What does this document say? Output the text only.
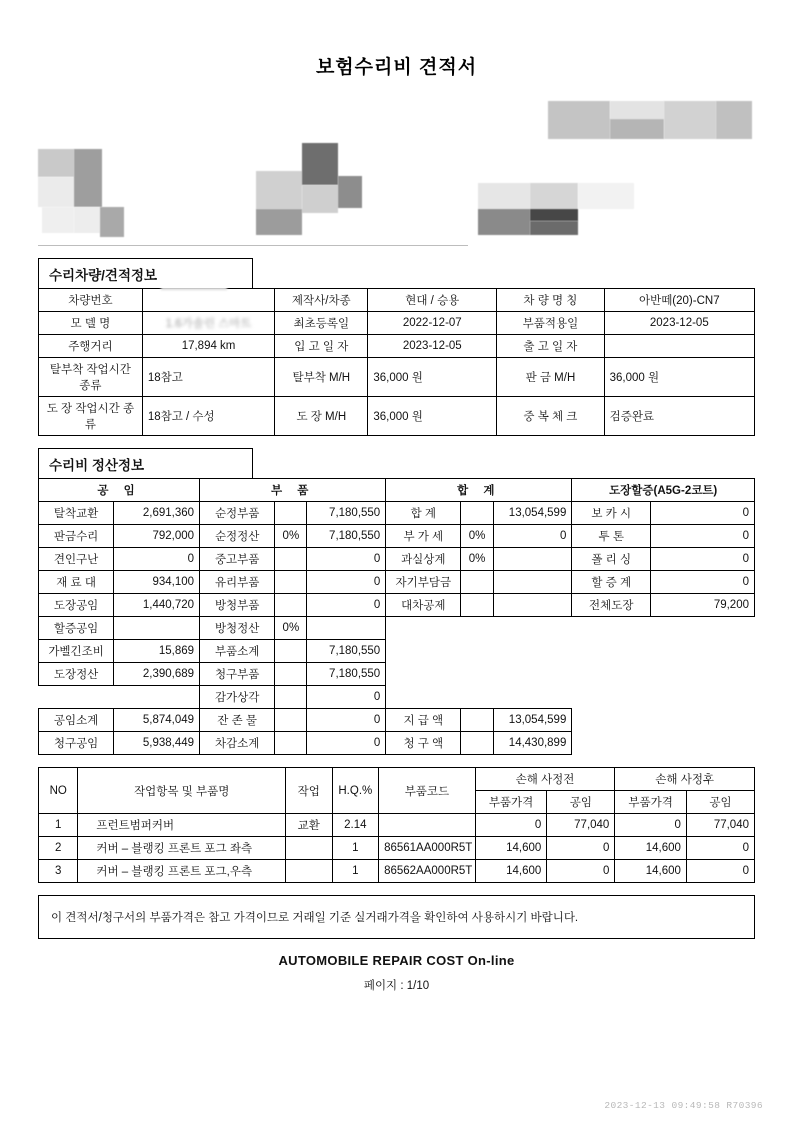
보험수리비 견적서
수리차량/견적정보
차량번호		제작사/차종	현대 / 승용	차 량 명 칭	아반떼(20)-CN7
모 델 명	1.6가솔린 스마트	최초등록일	2022-12-07	부품적용일	2023-12-05
주행거리	17,894 km	입 고 일 자	2023-12-05	출 고 일 자	
탈부착 작업시간 종류	18참고	탈부착 M/H	36,000 원	판 금 M/H	36,000 원
도 장 작업시간 종류	18참고 / 수성	도 장 M/H	36,000 원	중 복 체 크	검증완료
수리비 정산정보
공 임		부 품			합 계			도장할증(A5G-2코트)	
탈착교환	2,691,360	순정부품		7,180,550	합 계		13,054,599	보 카 시	0
판금수리	792,000	순정정산	0%	7,180,550	부 가 세	0%	0	투 톤	0
견인구난	0	중고부품		0	과실상계	0%		폴 리 싱	0
재 료 대	934,100	유리부품		0	자기부담금			할 증 계	0
도장공임	1,440,720	방청부품		0	대차공제			전체도장	79,200
할증공임		방청정산	0%						
가벨긴조비	15,869	부품소계		7,180,550					
도장정산	2,390,689	청구부품		7,180,550					
		감가상각		0					
공임소계	5,874,049	잔 존 물		0	지 급 액		13,054,599		
청구공임	5,938,449	차감소계		0	청 구 액		14,430,899		
NO	작업항목 및 부품명	작업	H.Q.%	부품코드	손해 사정전		손해 사정후	
					부품가격	공임	부품가격	공임
1	프런트범퍼커버	교환	2.14		0	77,040	0	77,040
2	커버 – 블랭킹 프론트 포그 좌측		1	86561AA000R5T	14,600	0	14,600	0
3	커버 – 블랭킹 프론트 포그,우측		1	86562AA000R5T	14,600	0	14,600	0
이 견적서/청구서의 부품가격은 참고 가격이므로 거래일 기준 실거래가격을 확인하여 사용하시기 바랍니다.
AUTOMOBILE REPAIR COST On-line
페이지 : 1/10
2023-12-13 09:49:58 R70396
